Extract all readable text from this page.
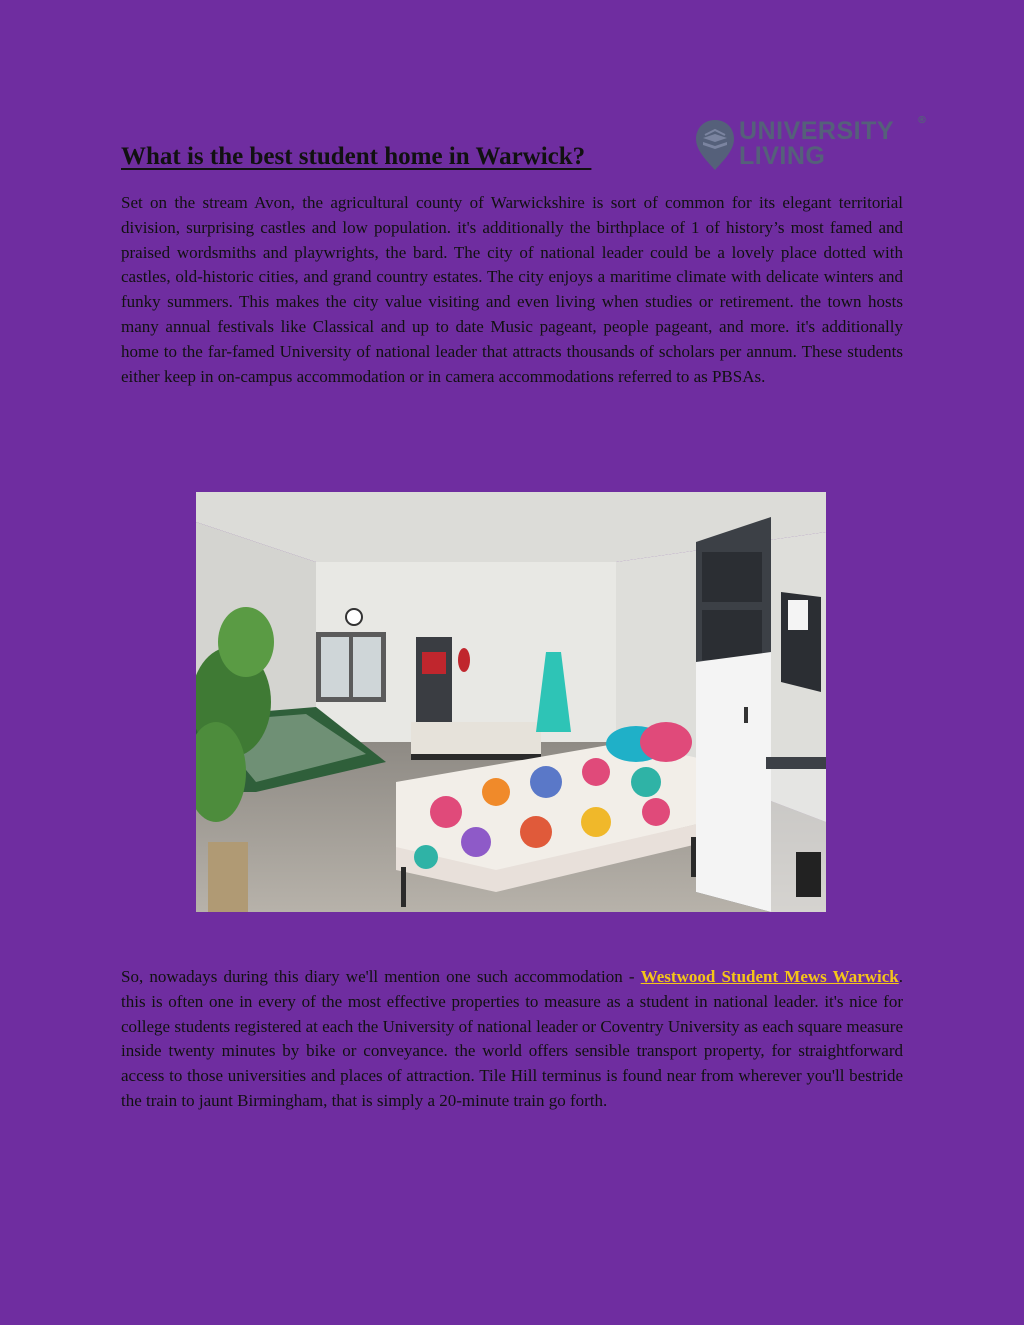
What is the best student home in Warwick?
UNIVERSITY
LIVING
®

Set on the stream Avon, the agricultural county of Warwickshire is sort of common for its elegant territorial division, surprising castles and low population. it's additionally the birthplace of 1 of history’s most famed and praised wordsmiths and playwrights, the bard. The city of national leader could be a lovely place dotted with castles, old-historic cities, and grand country estates. The city enjoys a maritime climate with delicate winters and funky summers. This makes the city value visiting and even living when studies or retirement. the town hosts many annual festivals like Classical and up to date Music pageant, people pageant, and more. it's additionally home to the far-famed University of national leader that attracts thousands of scholars per annum. These students either keep in on-campus accommodation or in camera accommodations referred to as PBSAs.

So, nowadays during this diary we'll mention one such accommodation - Westwood Student Mews Warwick. this is often one in every of the most effective properties to measure as a student in national leader. it's nice for college students registered at each the University of national leader or Coventry University as each square measure inside twenty minutes by bike or conveyance. the world offers sensible transport property, for straightforward access to those universities and places of attraction. Tile Hill terminus is found near from wherever you'll bestride the train to jaunt Birmingham, that is simply a 20-minute train go forth.
